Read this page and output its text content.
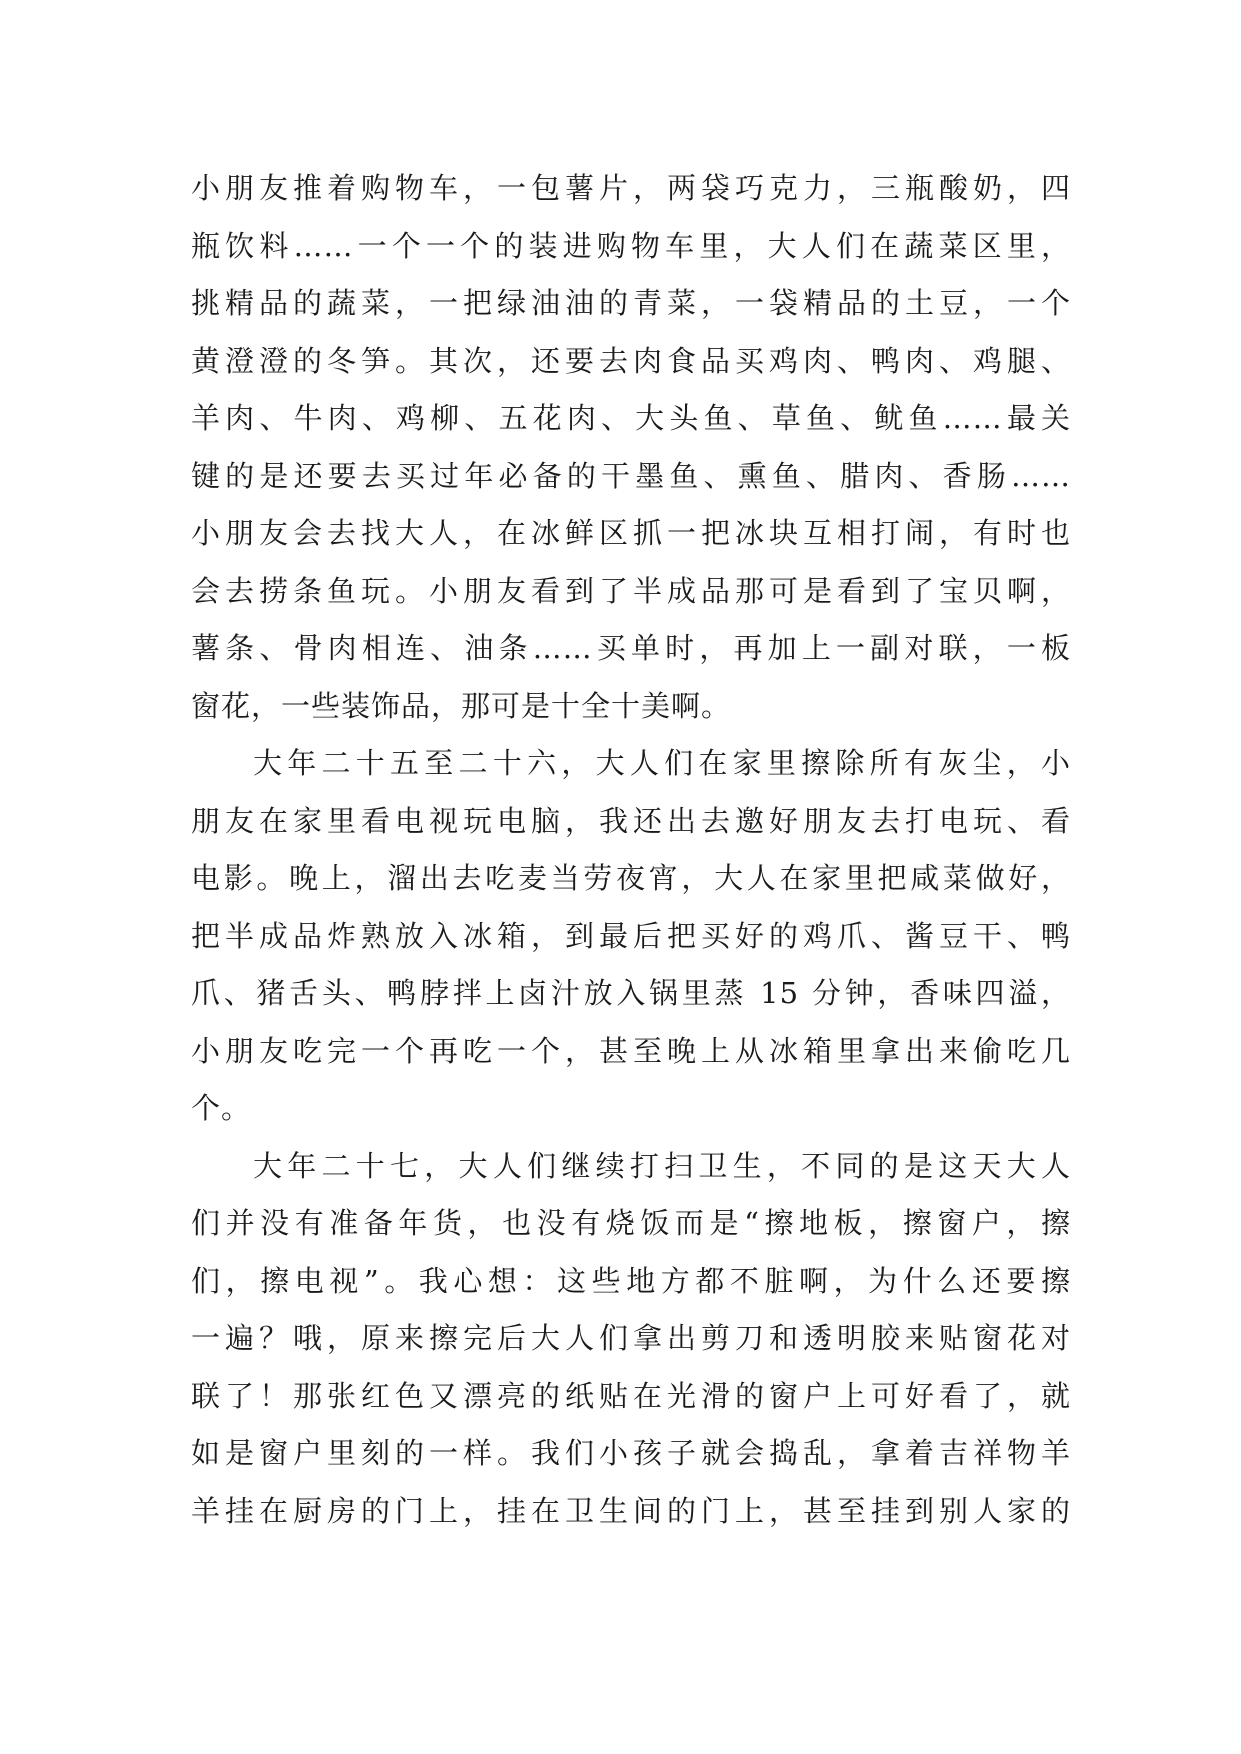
小朋友推着购物车，一包薯片，两袋巧克力，三瓶酸奶，四
瓶饮料……一个一个的装进购物车里，大人们在蔬菜区里，
挑精品的蔬菜，一把绿油油的青菜，一袋精品的土豆，一个
黄澄澄的冬笋。其次，还要去肉食品买鸡肉、鸭肉、鸡腿、
羊肉、牛肉、鸡柳、五花肉、大头鱼、草鱼、鱿鱼……最关
键的是还要去买过年必备的干墨鱼、熏鱼、腊肉、香肠……
小朋友会去找大人，在冰鲜区抓一把冰块互相打闹，有时也
会去捞条鱼玩。小朋友看到了半成品那可是看到了宝贝啊，
薯条、骨肉相连、油条……买单时，再加上一副对联，一板
窗花，一些装饰品，那可是十全十美啊。
大年二十五至二十六，大人们在家里擦除所有灰尘，小
朋友在家里看电视玩电脑，我还出去邀好朋友去打电玩、看
电影。晚上，溜出去吃麦当劳夜宵，大人在家里把咸菜做好，
把半成品炸熟放入冰箱，到最后把买好的鸡爪、酱豆干、鸭
爪、猪舌头、鸭脖拌上卤汁放入锅里蒸 15 分钟，香味四溢，
小朋友吃完一个再吃一个，甚至晚上从冰箱里拿出来偷吃几
个。
大年二十七，大人们继续打扫卫生，不同的是这天大人
们并没有准备年货，也没有烧饭而是“擦地板，擦窗户，擦
们，擦电视”。我心想：这些地方都不脏啊，为什么还要擦
一遍？哦，原来擦完后大人们拿出剪刀和透明胶来贴窗花对
联了！那张红色又漂亮的纸贴在光滑的窗户上可好看了，就
如是窗户里刻的一样。我们小孩子就会捣乱，拿着吉祥物羊
羊挂在厨房的门上，挂在卫生间的门上，甚至挂到别人家的
